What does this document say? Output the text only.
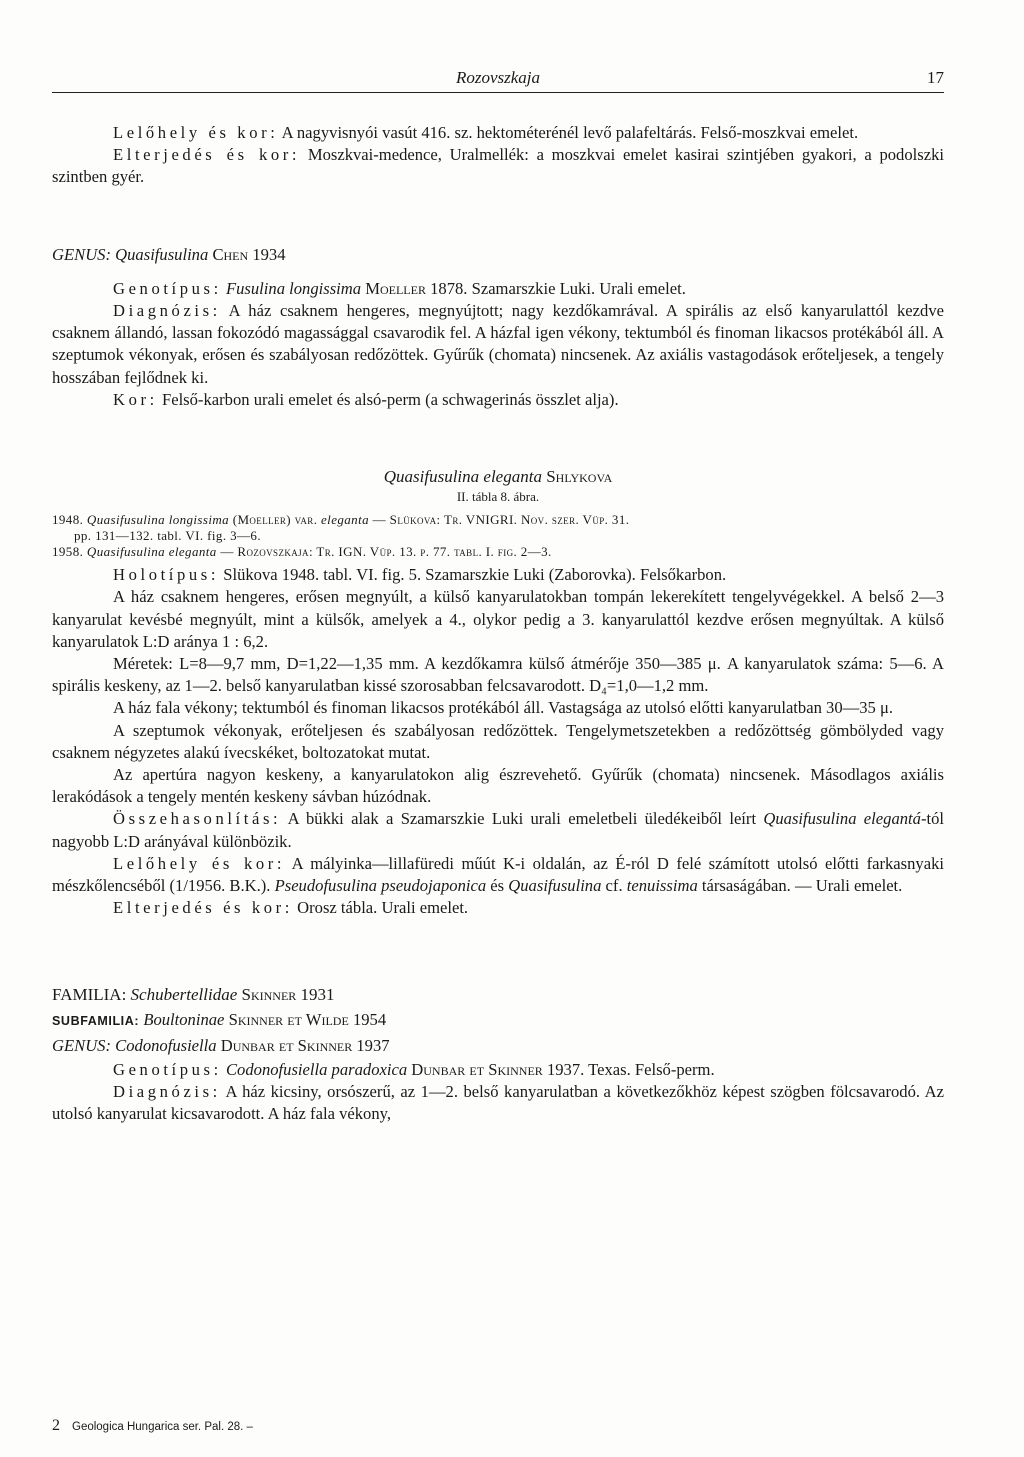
Rozovszkaja	17

Lelőhely és kor: A nagyvisnyói vasút 416. sz. hektométerénél levő palafeltárás. Felső-moszkvai emelet.

Elterjedés és kor: Moszkvai-medence, Uralmellék: a moszkvai emelet kasirai szintjében gyakori, a podolszki szintben gyér.

GENUS: Quasifusulina Chen 1934

Genotípus: Fusulina longissima Moeller 1878. Szamarszkie Luki. Urali emelet.

Diagnózis: A ház csaknem hengeres, megnyújtott; nagy kezdőkamrával. A spirális az első kanyarulattól kezdve csaknem állandó, lassan fokozódó magassággal csavarodik fel. A házfal igen vékony, tektumból és finoman likacsos protékából áll. A szeptumok vékonyak, erősen és szabályosan redőzöttek. Gyűrűk (chomata) nincsenek. Az axiális vastagodások erőteljesek, a tengely hosszában fejlődnek ki.

Kor: Felső-karbon urali emelet és alsó-perm (a schwagerinás összlet alja).

Quasifusulina eleganta Shlykova

II. tábla 8. ábra.

1948. Quasifusulina longissima (Moeller) var. eleganta — Slükova: Tr. VNIGRI. Nov. szer. Vüp. 31.
pp. 131—132. tabl. VI. fig. 3—6.
1958. Quasifusulina eleganta — Rozovszkaja: Tr. IGN. Vüp. 13. p. 77. tabl. I. fig. 2—3.

Holotípus: Slükova 1948. tabl. VI. fig. 5. Szamarszkie Luki (Zaborovka). Felsőkarbon.

A ház csaknem hengeres, erősen megnyúlt, a külső kanyarulatokban tompán lekerekített tengelyvégekkel. A belső 2—3 kanyarulat kevésbé megnyúlt, mint a külsők, amelyek a 4., olykor pedig a 3. kanyarulattól kezdve erősen megnyúltak. A külső kanyarulatok L:D aránya 1 : 6,2.

Méretek: L=8—9,7 mm, D=1,22—1,35 mm. A kezdőkamra külső átmérője 350—385 μ. A kanyarulatok száma: 5—6. A spirális keskeny, az 1—2. belső kanyarulatban kissé szorosabban felcsavarodott. D₄=1,0—1,2 mm.

A ház fala vékony; tektumból és finoman likacsos protékából áll. Vastagsága az utolsó előtti kanyarulatban 30—35 μ.

A szeptumok vékonyak, erőteljesen és szabályosan redőzöttek. Tengelymetszetekben a redőzöttség gömbölyded vagy csaknem négyzetes alakú ívecskéket, boltozatokat mutat.

Az apertúra nagyon keskeny, a kanyarulatokon alig észrevehető. Gyűrűk (chomata) nincsenek. Másodlagos axiális lerakódások a tengely mentén keskeny sávban húzódnak.

Összehasonlítás: A bükki alak a Szamarszkie Luki urali emeletbeli üledékeiből leírt Quasifusulina elegantá-tól nagyobb L:D arányával különbözik.

Lelőhely és kor: A mályinka—lillafüredi műút K-i oldalán, az É-ról D felé számított utolsó előtti farkasnyaki mészkőlencséből (1/1956. B.K.). Pseudofusulina pseudojaponica és Quasifusulina cf. tenuissima társaságában. — Urali emelet.

Elterjedés és kor: Orosz tábla. Urali emelet.

FAMILIA: Schubertellidae Skinner 1931

SUBFAMILIA: Boultoninae Skinner et Wilde 1954

GENUS: Codonofusiella Dunbar et Skinner 1937

Genotípus: Codonofusiella paradoxica Dunbar et Skinner 1937. Texas. Felső-perm.

Diagnózis: A ház kicsiny, orsószerű, az 1—2. belső kanyarulatban a következőkhöz képest szögben fölcsavarodó. Az utolsó kanyarulat kicsavarodott. A ház fala vékony,

2 Geologica Hungarica ser. Pal. 28. –
